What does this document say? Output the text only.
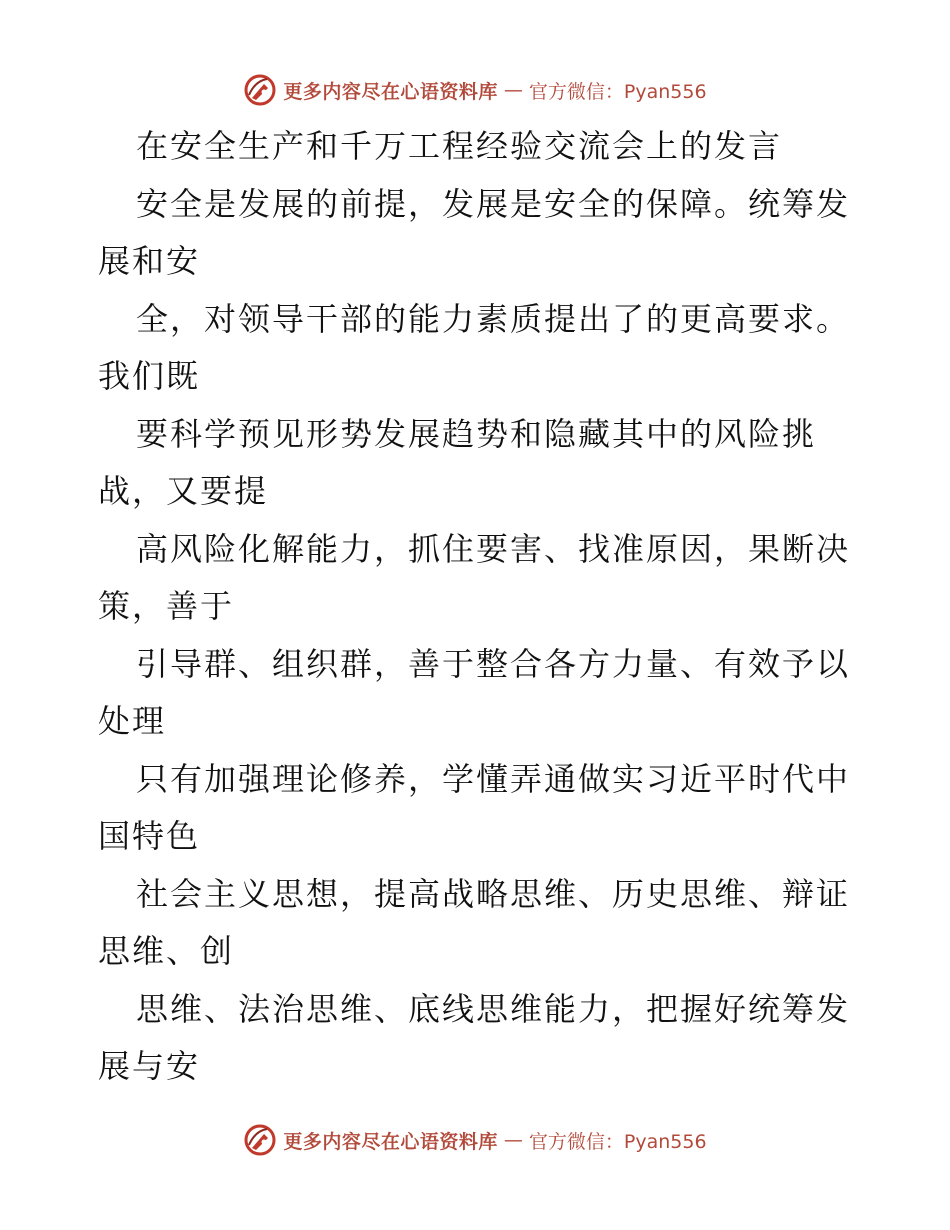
更多内容尽在心语资料库 — 官方微信：Pyan556
在安全生产和千万工程经验交流会上的发言
安全是发展的前提，发展是安全的保障。统筹发
展和安
全，对领导干部的能力素质提出了的更高要求。
我们既
要科学预见形势发展趋势和隐藏其中的风险挑
战，又要提
高风险化解能力，抓住要害、找准原因，果断决
策，善于
引导群、组织群，善于整合各方力量、有效予以
处理
只有加强理论修养，学懂弄通做实习近平时代中
国特色
社会主义思想，提高战略思维、历史思维、辩证
思维、创
思维、法治思维、底线思维能力，把握好统筹发
展与安
更多内容尽在心语资料库 — 官方微信：Pyan556
